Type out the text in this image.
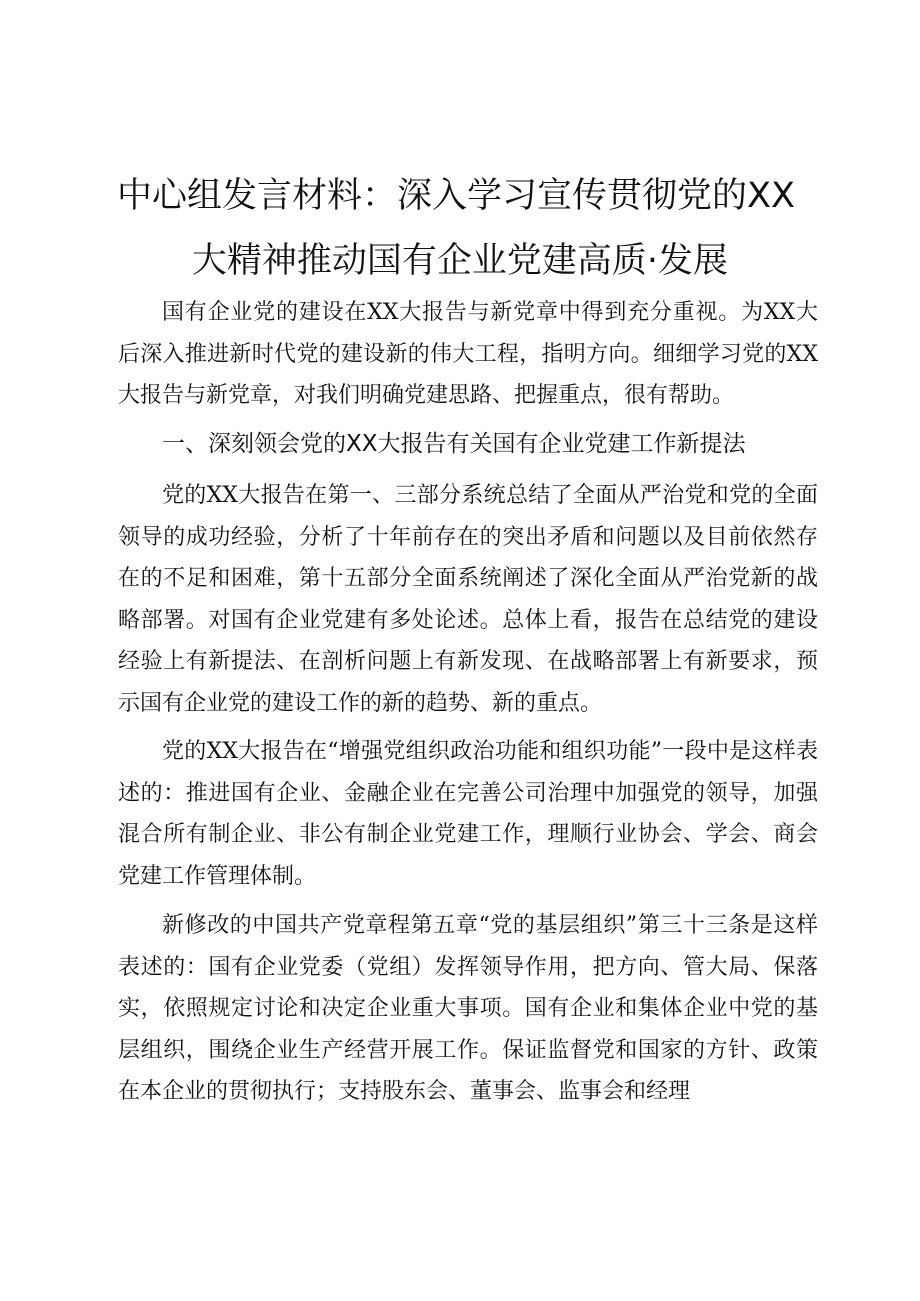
中心组发言材料：深入学习宣传贯彻党的XX
大精神推动国有企业党建高质·发展

国有企业党的建设在XX大报告与新党章中得到充分重视。为XX大后深入推进新时代党的建设新的伟大工程，指明方向。细细学习党的XX大报告与新党章，对我们明确党建思路、把握重点，很有帮助。

一、深刻领会党的XX大报告有关国有企业党建工作新提法

党的XX大报告在第一、三部分系统总结了全面从严治党和党的全面领导的成功经验，分析了十年前存在的突出矛盾和问题以及目前依然存在的不足和困难，第十五部分全面系统阐述了深化全面从严治党新的战略部署。对国有企业党建有多处论述。总体上看，报告在总结党的建设经验上有新提法、在剖析问题上有新发现、在战略部署上有新要求，预示国有企业党的建设工作的新的趋势、新的重点。

党的XX大报告在“增强党组织政治功能和组织功能”一段中是这样表述的：推进国有企业、金融企业在完善公司治理中加强党的领导，加强混合所有制企业、非公有制企业党建工作，理顺行业协会、学会、商会党建工作管理体制。

新修改的中国共产党章程第五章“党的基层组织”第三十三条是这样表述的：国有企业党委（党组）发挥领导作用，把方向、管大局、保落实，依照规定讨论和决定企业重大事项。国有企业和集体企业中党的基层组织，围绕企业生产经营开展工作。保证监督党和国家的方针、政策在本企业的贯彻执行；支持股东会、董事会、监事会和经理
